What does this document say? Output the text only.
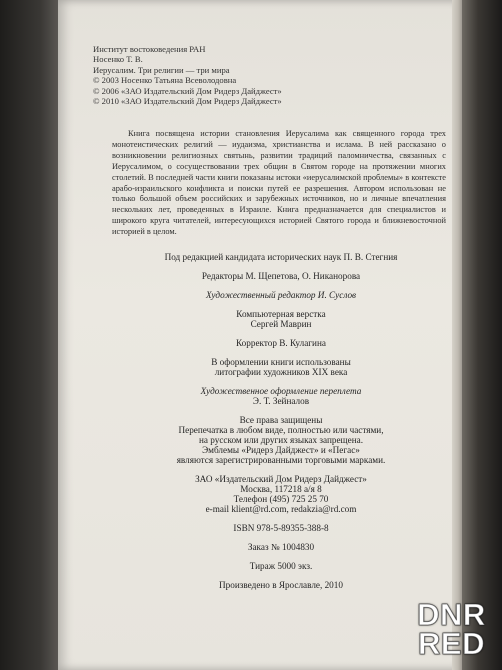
Институт востоковедения РАН
Носенко Т. В.
Иерусалим. Три религии — три мира
© 2003 Носенко Татьяна Всеволодовна
© 2006 «ЗАО Издательский Дом Ридерз Дайджест»
© 2010 «ЗАО Издательский Дом Ридерз Дайджест»
Книга посвящена истории становления Иерусалима как священного города трех монотеистических религий — иудаизма, христианства и ислама. В ней рассказано о возникновении религиозных святынь, развитии традиций паломничества, связанных с Иерусалимом, о сосуществовании трех общин в Святом городе на протяжении многих столетий. В последней части книги показаны истоки «иерусалимской проблемы» в контексте арабо-израильского конфликта и поиски путей ее разрешения. Автором использован не только большой объем российских и зарубежных источников, но и личные впечатления нескольких лет, проведенных в Израиле. Книга предназначается для специалистов и широкого круга читателей, интересующихся историей Святого города и ближневосточной историей в целом.
Под редакцией кандидата исторических наук П. В. Стегния
Редакторы М. Щепетова, О. Никанорова
Художественный редактор И. Суслов
Компьютерная верстка
Сергей Маврин
Корректор В. Кулагина
В оформлении книги использованы
литографии художников XIX века
Художественное оформление переплета
Э. Т. Зейналов
Все права защищены
Перепечатка в любом виде, полностью или частями,
на русском или других языках запрещена.
Эмблемы «Ридерз Дайджест» и «Пегас»
являются зарегистрированными торговыми марками.
ЗАО «Издательский Дом Ридерз Дайджест»
Москва, 117218 а/я 8
Телефон (495) 725 25 70
e-mail klient@rd.com, redakzia@rd.com
ISBN 978-5-89355-388-8
Заказ № 1004830
Тираж 5000 экз.
Произведено в Ярославле, 2010
DNR
RED
